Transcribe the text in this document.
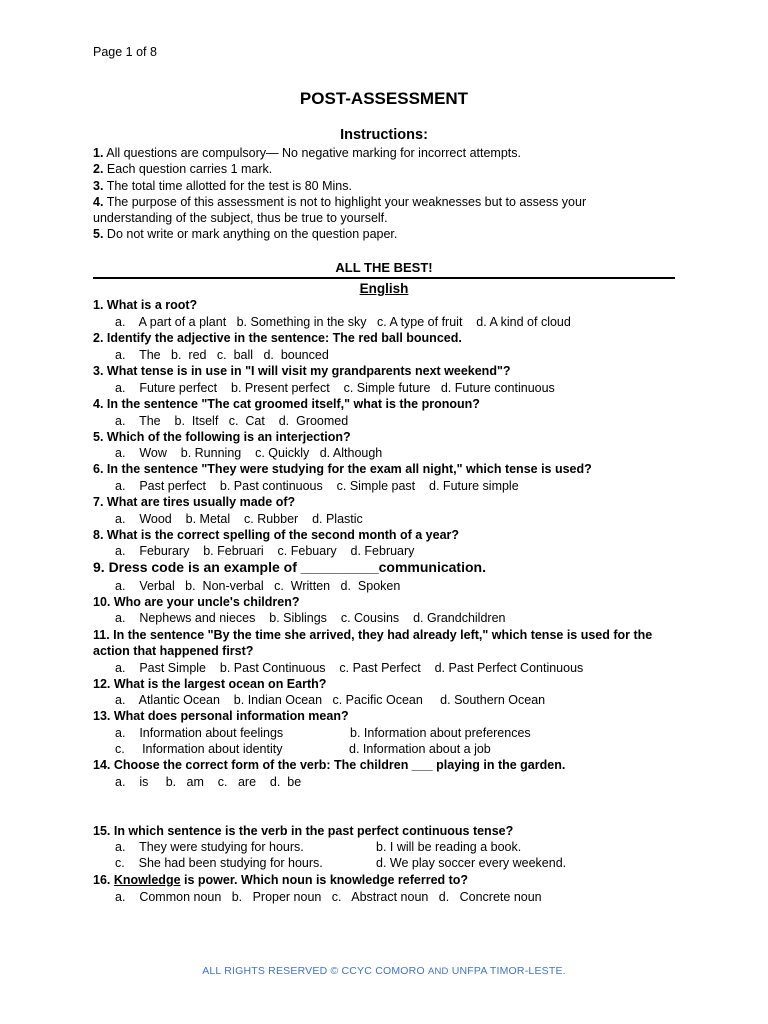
Page 1 of 8
POST-ASSESSMENT
Instructions:
1. All questions are compulsory— No negative marking for incorrect attempts.
2. Each question carries 1 mark.
3. The total time allotted for the test is 80 Mins.
4. The purpose of this assessment is not to highlight your weaknesses but to assess your understanding of the subject, thus be true to yourself.
5. Do not write or mark anything on the question paper.
ALL THE BEST!
English
1. What is a root?
a.    A part of a plant   b. Something in the sky   c. A type of fruit    d. A kind of cloud
2. Identify the adjective in the sentence: The red ball bounced.
a.    The   b.  red   c.  ball   d.  bounced
3. What tense is in use in "I will visit my grandparents next weekend"?
a.    Future perfect    b. Present perfect    c. Simple future   d. Future continuous
4. In the sentence "The cat groomed itself," what is the pronoun?
a.    The    b.  Itself   c.  Cat    d.  Groomed
5. Which of the following is an interjection?
a.    Wow    b. Running    c. Quickly   d. Although
6. In the sentence "They were studying for the exam all night," which tense is used?
a.    Past perfect    b. Past continuous    c. Simple past    d. Future simple
7. What are tires usually made of?
a.    Wood    b. Metal    c. Rubber    d. Plastic
8. What is the correct spelling of the second month of a year?
a.    Feburary    b. Februari    c. Febuary    d. February
9. Dress code is an example of __________communication.
a.    Verbal   b.  Non-verbal   c.  Written   d.  Spoken
10. Who are your uncle's children?
a.    Nephews and nieces    b. Siblings    c. Cousins    d. Grandchildren
11. In the sentence "By the time she arrived, they had already left," which tense is used for the action that happened first?
a.    Past Simple    b. Past Continuous    c. Past Perfect    d. Past Perfect Continuous
12. What is the largest ocean on Earth?
a.    Atlantic Ocean    b. Indian Ocean   c. Pacific Ocean     d. Southern Ocean
13. What does personal information mean?
a.    Information about feelings	b. Information about preferences
c.     Information about identity	d. Information about a job
14. Choose the correct form of the verb: The children ___ playing in the garden.
a.    is     b.   am    c.   are    d.  be
15. In which sentence is the verb in the past perfect continuous tense?
a.    They were studying for hours.	b. I will be reading a book.
c.    She had been studying for hours.	d. We play soccer every weekend.
16. Knowledge is power. Which noun is knowledge referred to?
a.    Common noun   b.   Proper noun   c.   Abstract noun   d.   Concrete noun
ALL RIGHTS RESERVED © CCYC COMORO AND UNFPA TIMOR-LESTE.
